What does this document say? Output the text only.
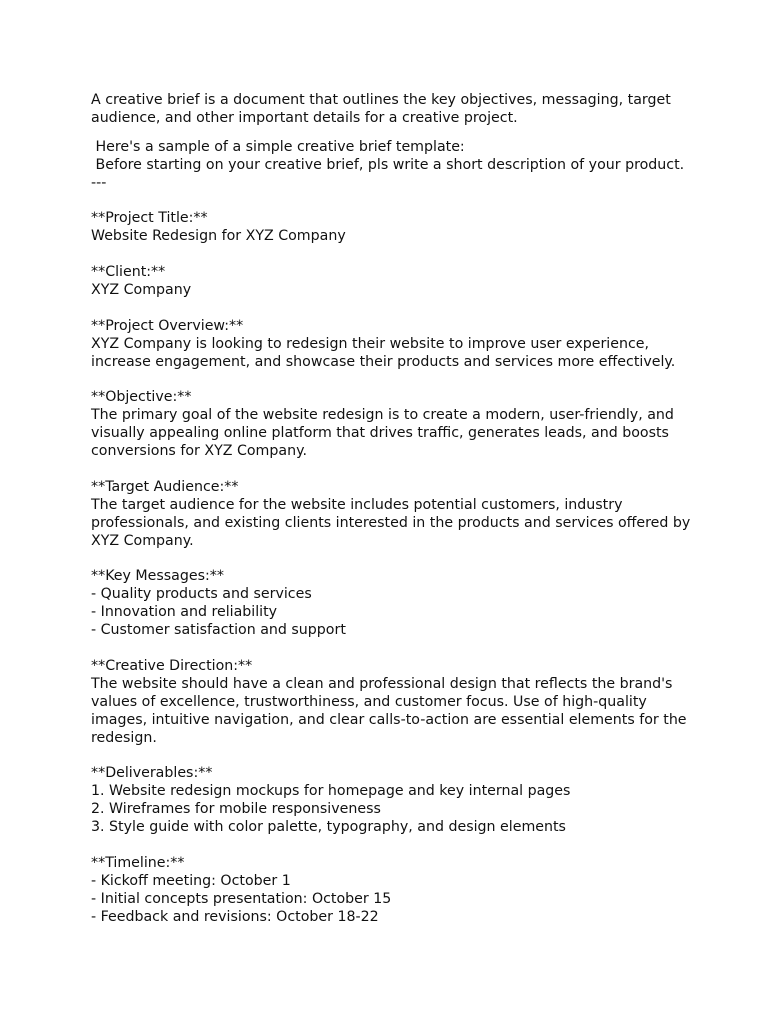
A creative brief is a document that outlines the key objectives, messaging, target
audience, and other important details for a creative project.
Here's a sample of a simple creative brief template:
Before starting on your creative brief, pls write a short description of your product.
---
**Project Title:**
Website Redesign for XYZ Company
**Client:**
XYZ Company
**Project Overview:**
XYZ Company is looking to redesign their website to improve user experience,
increase engagement, and showcase their products and services more effectively.
**Objective:**
The primary goal of the website redesign is to create a modern, user-friendly, and
visually appealing online platform that drives traffic, generates leads, and boosts
conversions for XYZ Company.
**Target Audience:**
The target audience for the website includes potential customers, industry
professionals, and existing clients interested in the products and services offered by
XYZ Company.
**Key Messages:**
- Quality products and services
- Innovation and reliability
- Customer satisfaction and support
**Creative Direction:**
The website should have a clean and professional design that reflects the brand's
values of excellence, trustworthiness, and customer focus. Use of high-quality
images, intuitive navigation, and clear calls-to-action are essential elements for the
redesign.
**Deliverables:**
1. Website redesign mockups for homepage and key internal pages
2. Wireframes for mobile responsiveness
3. Style guide with color palette, typography, and design elements
**Timeline:**
- Kickoff meeting: October 1
- Initial concepts presentation: October 15
- Feedback and revisions: October 18-22
